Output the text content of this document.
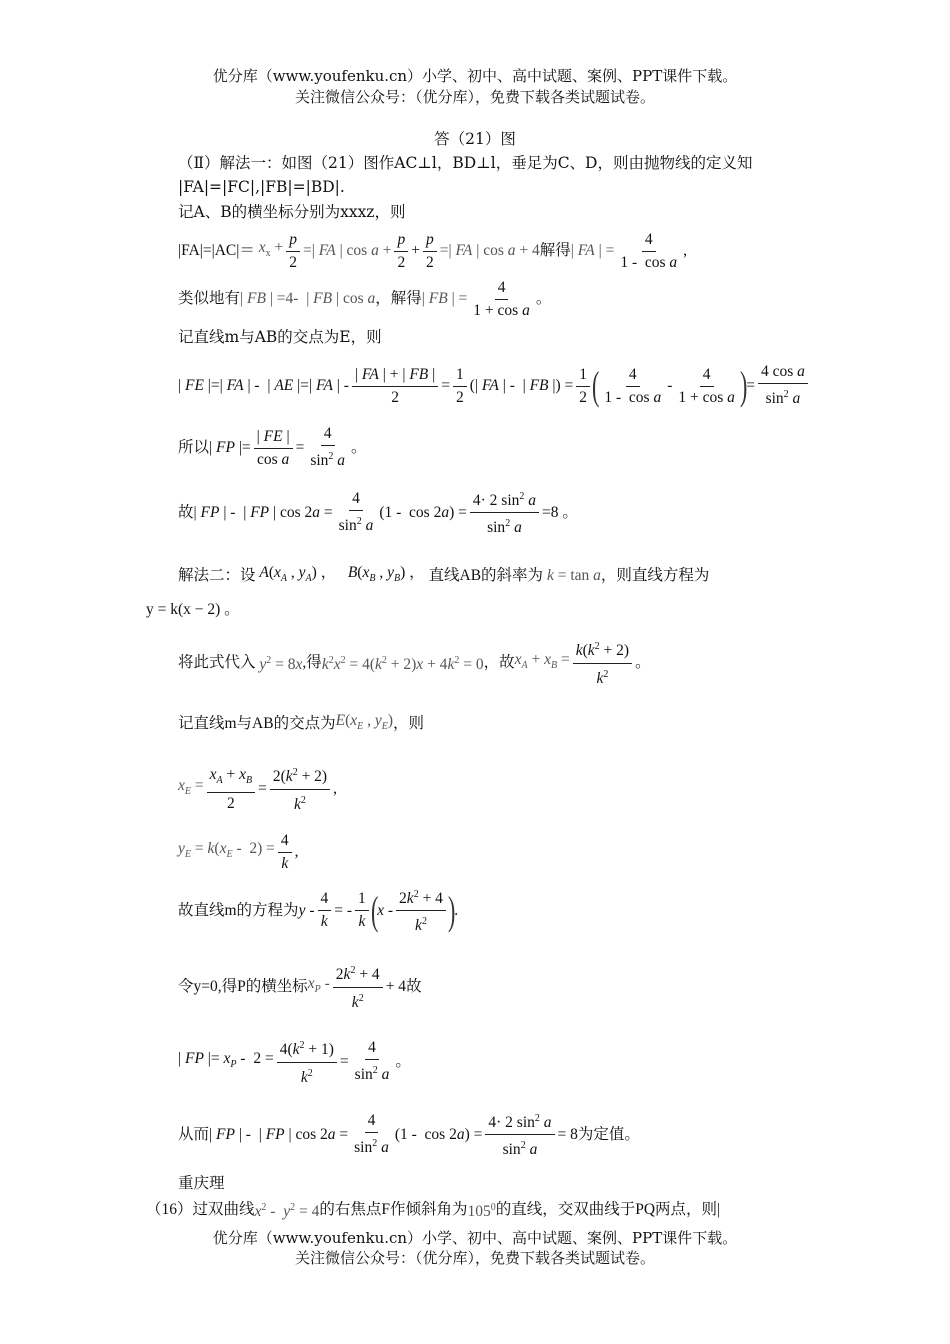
优分库（www.youfenku.cn）小学、初中、高中试题、案例、PPT课件下载。
关注微信公众号：（优分库），免费下载各类试题试卷。
答（21）图
（Ⅱ）解法一：如图（21）图作AC⊥l，BD⊥l，垂足为C、D，则由抛物线的定义知
|FA|=|FC|,|FB|=|BD|.
记A、B的横坐标分别为xxxz，则
$|FA|=|AC|= x_x + \frac{p}{2}$ =| FA | $\cos a + \frac{p}{2} + \frac{p}{2}$ =| FA | cos a + 4 解得 | FA | = $\frac{4}{\text{1 -  cos a}}$ ,
类似地有 | FB | =4-  | FB | cos a ，解得 | FB | = $\frac{4}{\text{1 + cos a}}$ 。
记直线m与AB的交点为E，则
| FE |=| FA | -  | AE |=| FA | - $\frac{| FA | + | FB |}{2} = \frac{1}{2}$ (| FA | -  | FB |) = $\frac{1}{2}$ ( $\frac{4}{\text{1 -  cos a}} - \frac{4}{\text{1 + cos a}}$ )
= $\frac{\text{4 cos a}}{\sin^2 a}$
所以 | FP |= $\frac{| FE |}{\text{cos a}} = \frac{4}{\sin^2 a}$ 。
故 | FP | -  | FP | $\cos 2a = \frac{4}{\sin^2 a} (1 - \cos 2a) = \frac{4\cdot 2 \sin^2 a}{\sin^2 a} =8$ 。
解法二：设 $A(x_A$ , $y_A$) ，   $B(x_B$ , $y_B$) ， 直线AB的斜率为 k = tan a ，则直线方程为
y = k(x − 2) 。
将此式代入 $y^2 = 8x$ ,得 $k^2x^2 = 4(k^2 + 2)x + 4k^2 = 0$ ，故 $x_A + x_B = \frac{k(k^2 + 2)}{k^2}$ 。
记直线m与AB的交点为 $E(x_E$ , $y_E$) ，则
$x_E = \frac{x_A + x_B}{2} = \frac{2(k^2 + 2)}{k^2}$ ,
$y_E = k(x_E - 2) = \frac{4}{k}$ ,
故直线m的方程为 y - $\frac{4}{k}$ = - $\frac{1}{k}$ (
x - $\frac{2k^2 + 4}{k^2}$ )
.
令y=0,得P的横坐标 $x_P - \frac{2k^2 + 4}{k^2} + 4$ 故
| FP |= $x_P - 2 = \frac{4(k^2 + 1)}{k^2} = \frac{4}{\sin^2 a}$ 。
从而 | FP | -  | FP | $\cos 2a = \frac{4}{\sin^2 a} (1 - \cos 2a) = \frac{4\cdot 2 \sin^2 a}{\sin^2 a} = 8$ 为定值。
重庆理
（16）过双曲线 $x^2 - y^2 = 4$ 的右焦点F作倾斜角为 $105^0$ 的直线，交双曲线于PQ两点，则|
优分库（www.youfenku.cn）小学、初中、高中试题、案例、PPT课件下载。
关注微信公众号：（优分库），免费下载各类试题试卷。
